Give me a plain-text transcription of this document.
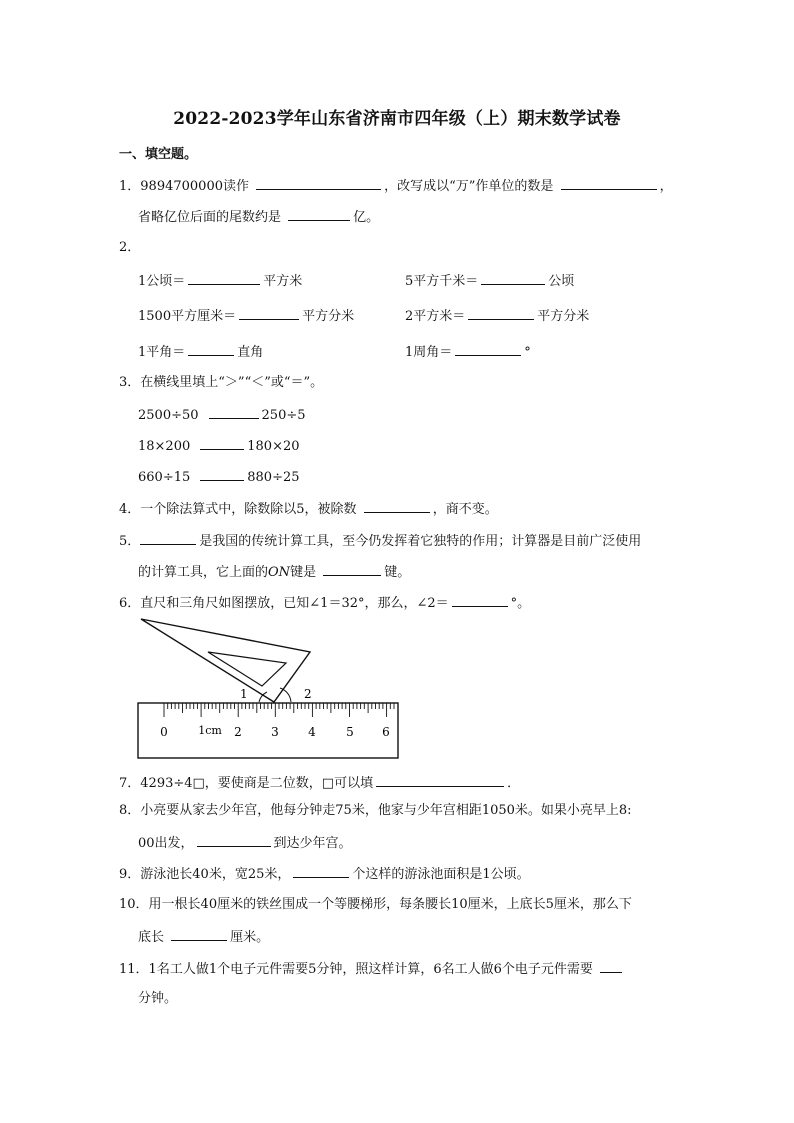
2022-2023学年山东省济南市四年级（上）期末数学试卷
一、填空题。
1．9894700000读作	，改写成以“万”作单位的数是	，
省略亿位后面的尾数约是	亿。
2．
1公顷＝	平方米	5平方千米＝	公顷
1500平方厘米＝	平方分米	2平方米＝	平方分米
1平角＝	直角	1周角＝	°
3．在横线里填上“＞”“＜”或“＝”。
2500÷50	250÷5
18×200	180×20
660÷15	880÷25
4．一个除法算式中，除数除以5，被除数	，商不变。
5．	是我国的传统计算工具，至今仍发挥着它独特的作用；计算器是目前广泛使用
的计算工具，它上面的ON键是	键。
6．直尺和三角尺如图摆放，已知∠1＝32°，那么，∠2＝	°。
1	2
0	1cm 2 3 4	5 6
7．4293÷4□，要使商是二位数，□可以填	．
8．小亮要从家去少年宫，他每分钟走75米，他家与少年宫相距1050米。如果小亮早上8:
00出发，	到达少年宫。
9．游泳池长40米，宽25米，	个这样的游泳池面积是1公顷。
10．用一根长40厘米的铁丝围成一个等腰梯形，每条腰长10厘米，上底长5厘米，那么下
底长	厘米。
11．1名工人做1个电子元件需要5分钟，照这样计算，6名工人做6个电子元件需要
分钟。
